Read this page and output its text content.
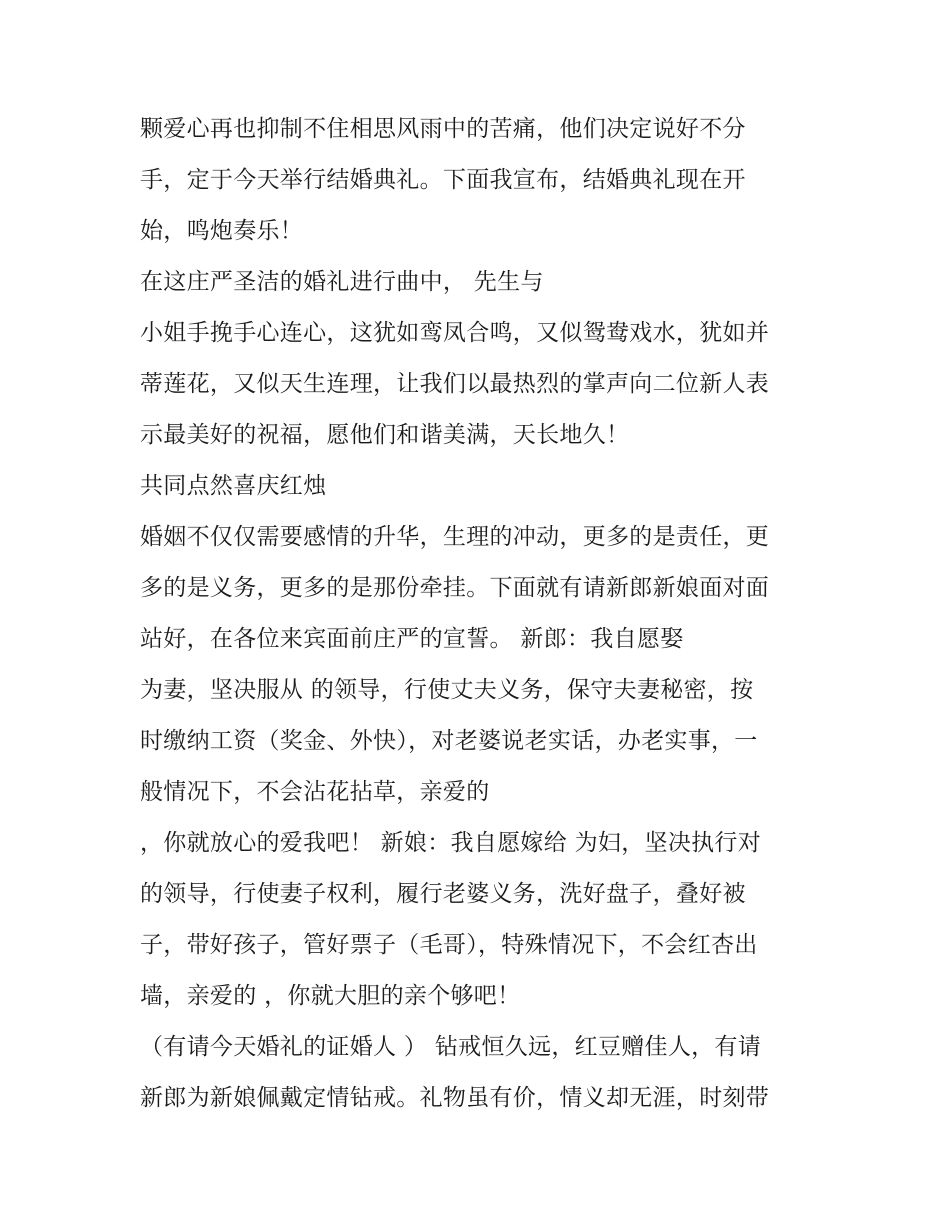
颗爱心再也抑制不住相思风雨中的苦痛，他们决定说好不分
手，定于今天举行结婚典礼。下面我宣布，结婚典礼现在开
始，鸣炮奏乐！
在这庄严圣洁的婚礼进行曲中， 先生与
小姐手挽手心连心，这犹如鸾凤合鸣，又似鸳鸯戏水，犹如并
蒂莲花，又似天生连理，让我们以最热烈的掌声向二位新人表
示最美好的祝福，愿他们和谐美满，天长地久！
共同点然喜庆红烛
婚姻不仅仅需要感情的升华，生理的冲动，更多的是责任，更
多的是义务，更多的是那份牵挂。下面就有请新郎新娘面对面
站好，在各位来宾面前庄严的宣誓。 新郎：我自愿娶
为妻，坚决服从 的领导，行使丈夫义务，保守夫妻秘密，按
时缴纳工资（奖金、外快），对老婆说老实话，办老实事，一
般情况下，不会沾花拈草，亲爱的
，你就放心的爱我吧！ 新娘：我自愿嫁给 为妇，坚决执行对
的领导，行使妻子权利，履行老婆义务，洗好盘子，叠好被
子，带好孩子，管好票子（毛哥），特殊情况下，不会红杏出
墙，亲爱的 ，你就大胆的亲个够吧！
（有请今天婚礼的证婚人 ） 钻戒恒久远，红豆赠佳人，有请
新郎为新娘佩戴定情钻戒。礼物虽有价，情义却无涯，时刻带
